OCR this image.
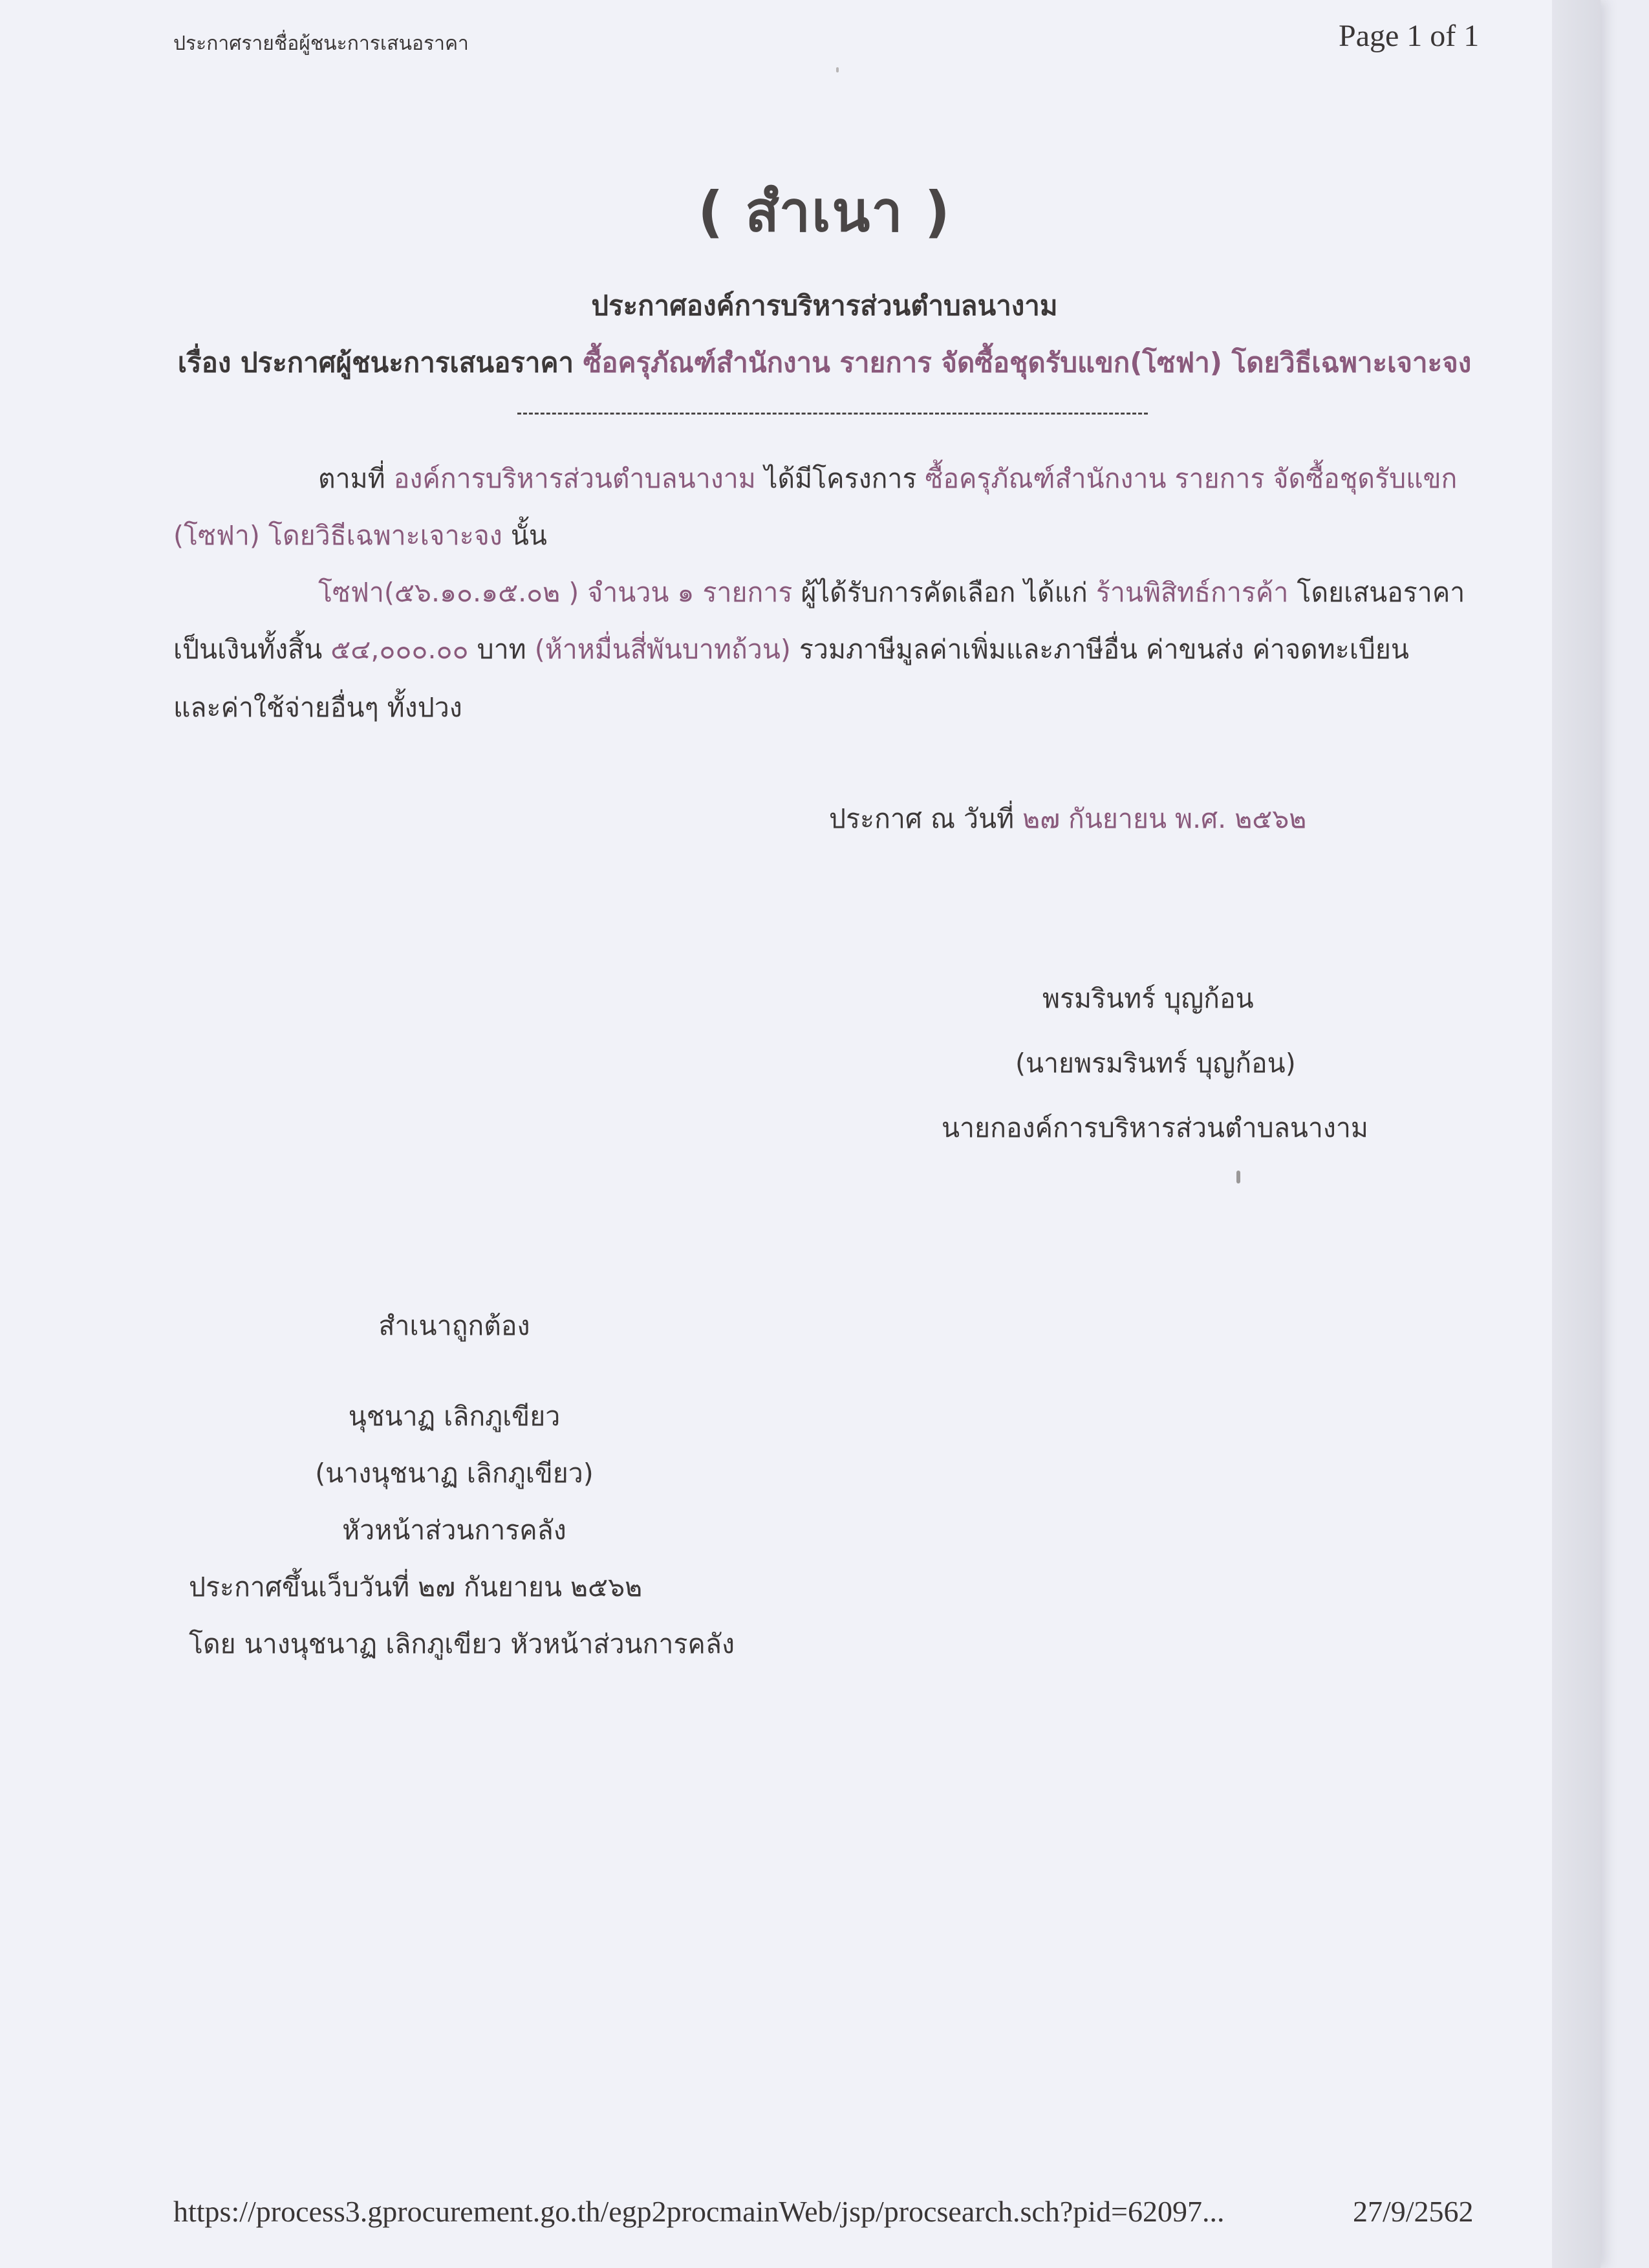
ประกาศรายชื่อผู้ชนะการเสนอราคา	Page 1 of 1
( สำเนา )
ประกาศองค์การบริหารส่วนตำบลนางาม
เรื่อง ประกาศผู้ชนะการเสนอราคา ซื้อครุภัณฑ์สำนักงาน รายการ จัดซื้อชุดรับแขก(โซฟา) โดยวิธีเฉพาะเจาะจง
ตามที่ องค์การบริหารส่วนตำบลนางาม ได้มีโครงการ ซื้อครุภัณฑ์สำนักงาน รายการ จัดซื้อชุดรับแขก
(โซฟา) โดยวิธีเฉพาะเจาะจง นั้น
โซฟา(๕๖.๑๐.๑๕.๐๒ ) จำนวน ๑ รายการ ผู้ได้รับการคัดเลือก ได้แก่ ร้านพิสิทธ์การค้า โดยเสนอราคา
เป็นเงินทั้งสิ้น ๕๔,๐๐๐.๐๐ บาท (ห้าหมื่นสี่พันบาทถ้วน) รวมภาษีมูลค่าเพิ่มและภาษีอื่น ค่าขนส่ง ค่าจดทะเบียน
และค่าใช้จ่ายอื่นๆ ทั้งปวง
ประกาศ ณ วันที่ ๒๗ กันยายน พ.ศ. ๒๕๖๒
พรมรินทร์ บุญก้อน
(นายพรมรินทร์ บุญก้อน)
นายกองค์การบริหารส่วนตำบลนางาม
สำเนาถูกต้อง
นุชนาฏ เลิกภูเขียว
(นางนุชนาฏ เลิกภูเขียว)
หัวหน้าส่วนการคลัง
ประกาศขึ้นเว็บวันที่ ๒๗ กันยายน ๒๕๖๒
โดย นางนุชนาฏ เลิกภูเขียว หัวหน้าส่วนการคลัง
https://process3.gprocurement.go.th/egp2procmainWeb/jsp/procsearch.sch?pid=62097...	27/9/2562
